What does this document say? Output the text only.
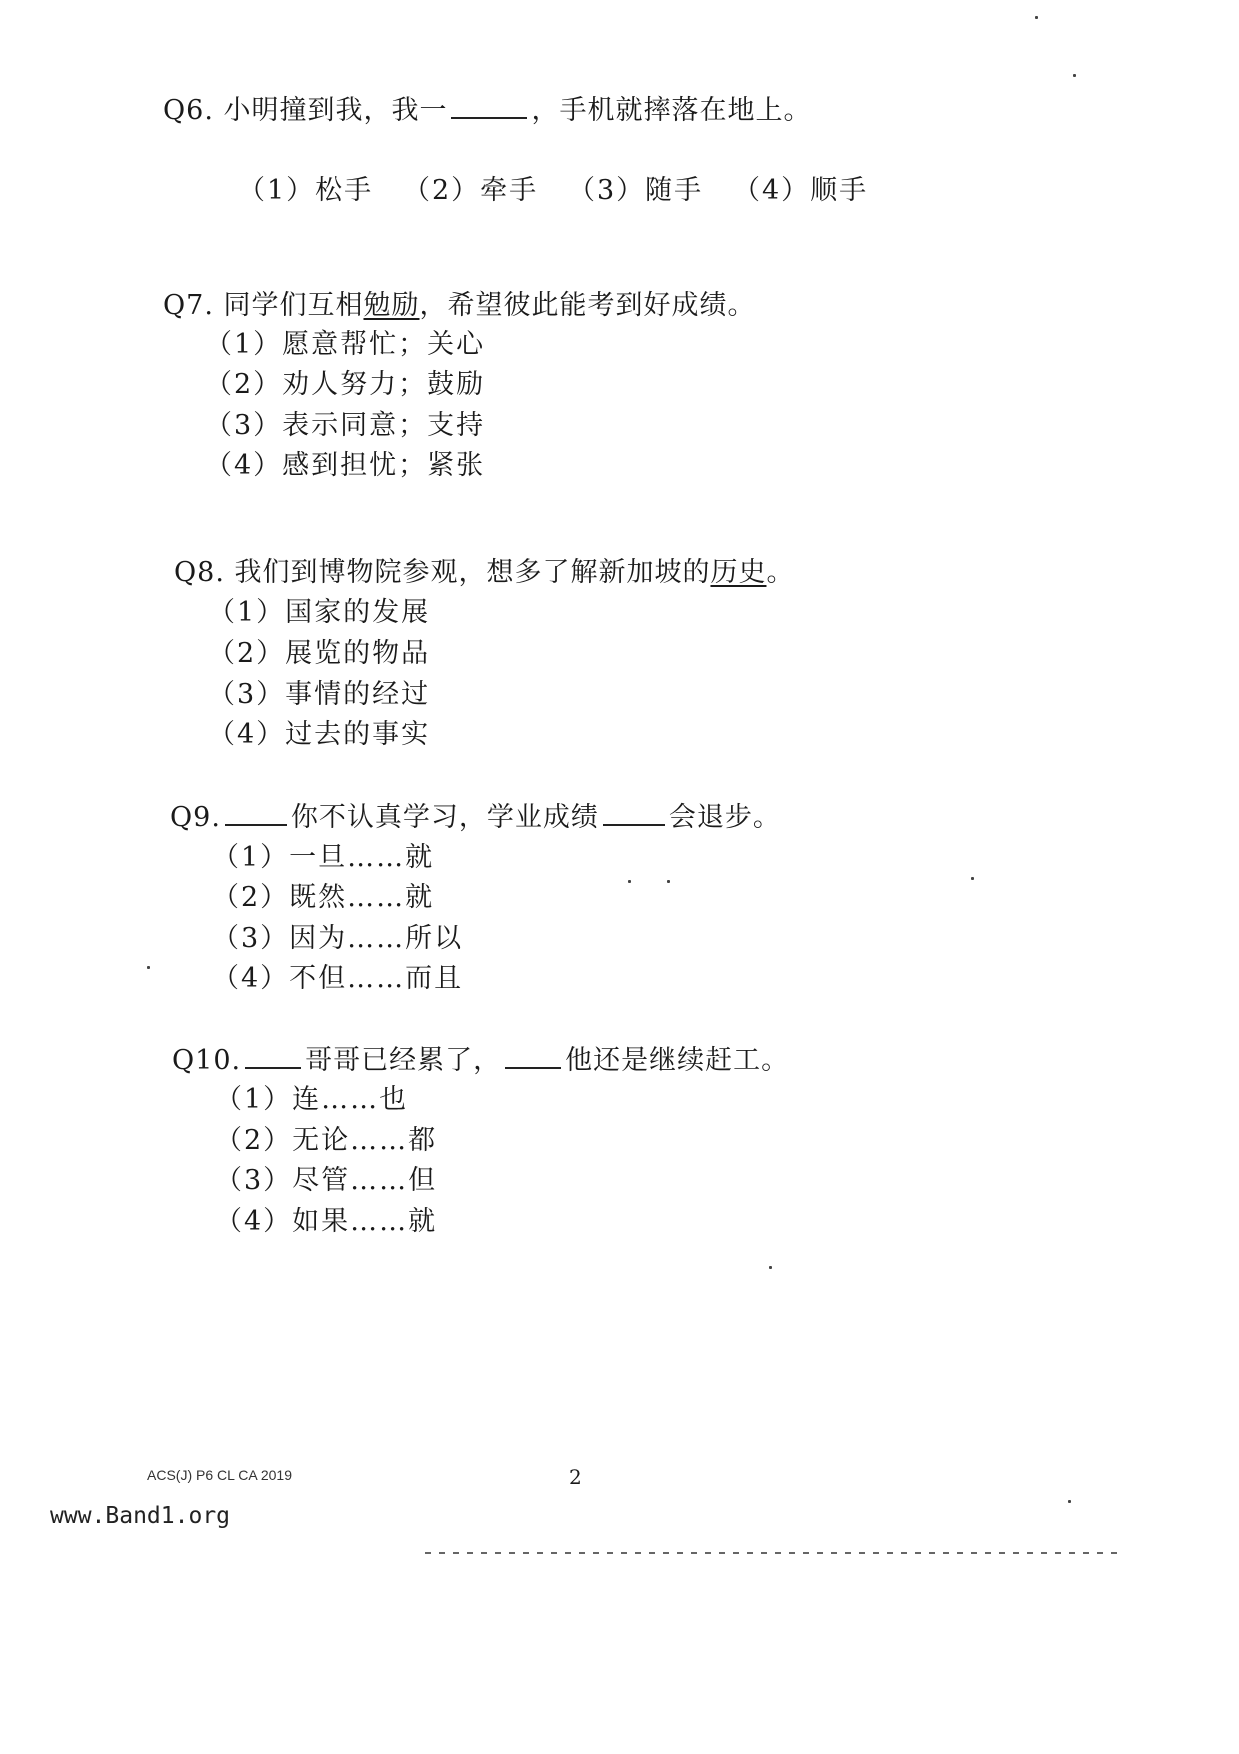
Q6. 小明撞到我，我一	，手机就摔落在地上。
（1）松手 （2）牵手 （3）随手 （4）顺手
Q7. 同学们互相勉励，希望彼此能考到好成绩。
（1）愿意帮忙；关心
（2）劝人努力；鼓励
（3）表示同意；支持
（4）感到担忧；紧张
Q8. 我们到博物院参观，想多了解新加坡的历史。
（1）国家的发展
（2）展览的物品
（3）事情的经过
（4）过去的事实
Q9.	你不认真学习，学业成绩	会退步。
（1）一旦……就
（2）既然……就
（3）因为……所以
（4）不但……而且
Q10. 哥哥已经累了， 他还是继续赶工。
（1）连……也
（2）无论……都
（3）尽管……但
（4）如果……就
ACS(J) P6 CL CA 2019	2
www.Band1.org
